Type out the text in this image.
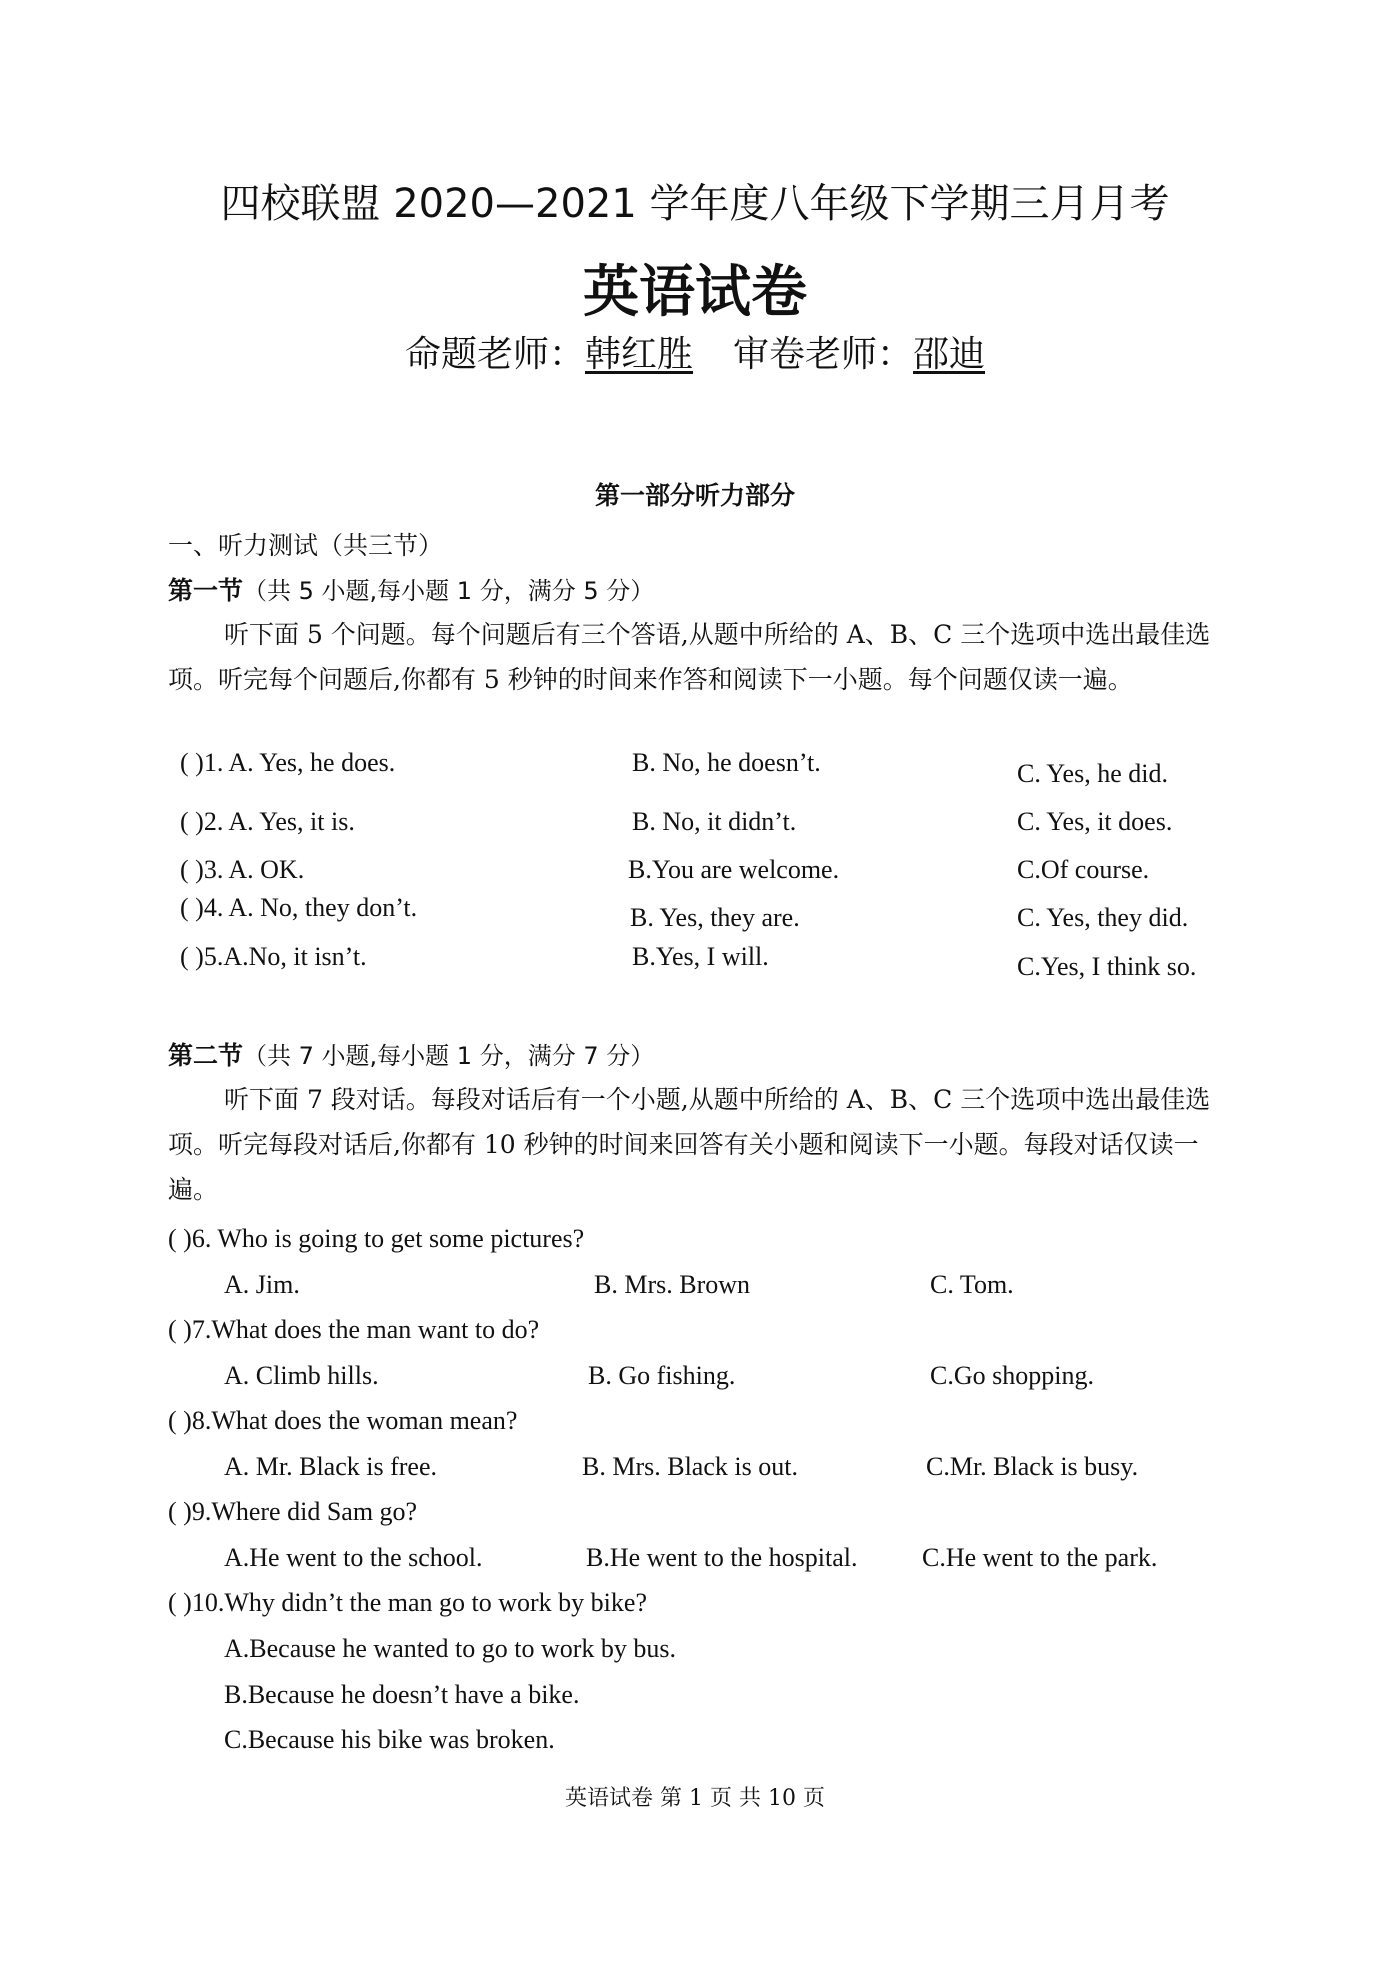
四校联盟 2020—2021 学年度八年级下学期三月月考
英语试卷
命题老师：韩红胜 审卷老师：邵迪
第一部分听力部分
一、听力测试（共三节）
第一节（共 5 小题,每小题 1 分，满分 5 分）
听下面 5 个问题。每个问题后有三个答语,从题中所给的 A、B、C 三个选项中选出最佳选项。听完每个问题后,你都有 5 秒钟的时间来作答和阅读下一小题。每个问题仅读一遍。
( )1. A. Yes, he does.	B. No, he doesn’t.	C. Yes, he did.
( )2. A. Yes, it is.	B. No, it didn’t.	C. Yes, it does.
( )3. A. OK.	B.You are welcome.	C.Of course.
( )4. A. No, they don’t.	B. Yes, they are.	C. Yes, they did.
( )5.A.No, it isn’t.	B.Yes, I will.	C.Yes, I think so.
第二节（共 7 小题,每小题 1 分，满分 7 分）
听下面 7 段对话。每段对话后有一个小题,从题中所给的 A、B、C 三个选项中选出最佳选项。听完每段对话后,你都有 10 秒钟的时间来回答有关小题和阅读下一小题。每段对话仅读一遍。
( )6. Who is going to get some pictures?
A. Jim.	B. Mrs. Brown	C. Tom.
( )7.What does the man want to do?
A. Climb hills.	B. Go fishing.	C.Go shopping.
( )8.What does the woman mean?
A. Mr. Black is free.	B. Mrs. Black is out.	C.Mr. Black is busy.
( )9.Where did Sam go?
A.He went to the school.	B.He went to the hospital. C.He went to the park.
( )10.Why didn’t the man go to work by bike?
A.Because he wanted to go to work by bus.
B.Because he doesn’t have a bike.
C.Because his bike was broken.
英语试卷 第 1 页 共 10 页
